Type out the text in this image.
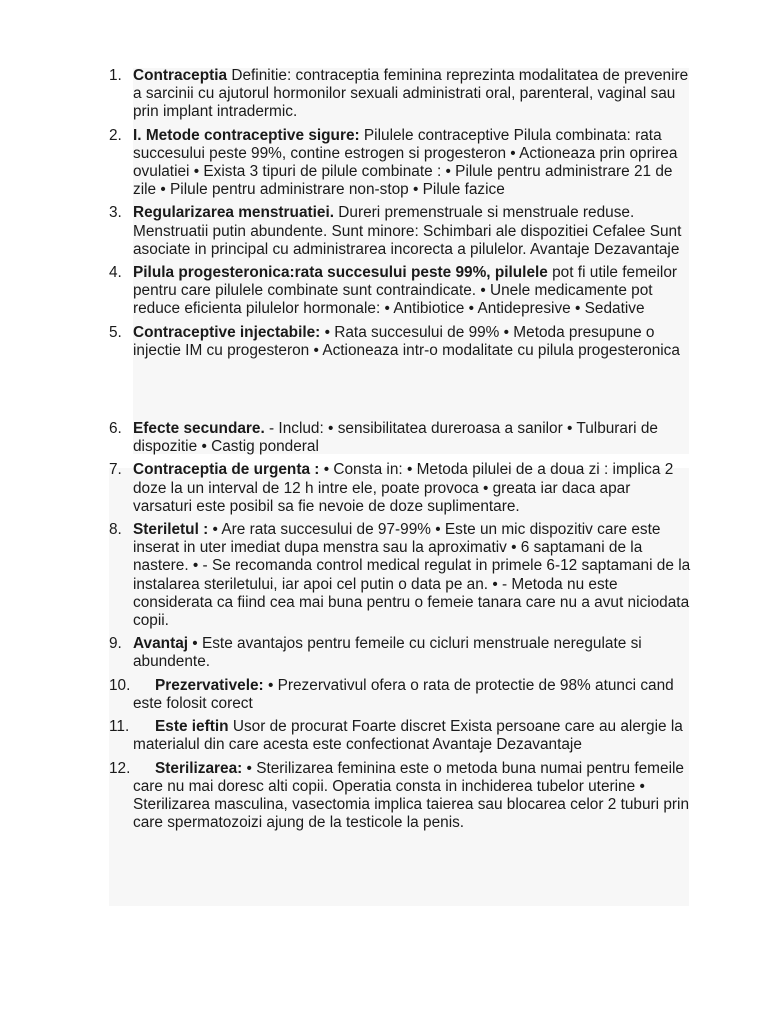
1. Contraceptia Definitie: contraceptia feminina reprezinta modalitatea de prevenire a sarcinii cu ajutorul hormonilor sexuali administrati oral, parenteral, vaginal sau prin implant intradermic.
2. I. Metode contraceptive sigure: Pilulele contraceptive Pilula combinata: rata succesului peste 99%, contine estrogen si progesteron • Actioneaza prin oprirea ovulatiei • Exista 3 tipuri de pilule combinate : • Pilule pentru administrare 21 de zile • Pilule pentru administrare non-stop • Pilule fazice
3. Regularizarea menstruatiei. Dureri premenstruale si menstruale reduse. Menstruatii putin abundente. Sunt minore: Schimbari ale dispozitiei Cefalee Sunt asociate in principal cu administrarea incorecta a pilulelor. Avantaje Dezavantaje
4. Pilula progesteronica:rata succesului peste 99%, pilulele pot fi utile femeilor pentru care pilulele combinate sunt contraindicate. • Unele medicamente pot reduce eficienta pilulelor hormonale: • Antibiotice • Antidepresive • Sedative
5. Contraceptive injectabile: • Rata succesului de 99% • Metoda presupune o injectie IM cu progesteron • Actioneaza intr-o modalitate cu pilula progesteronica
6. Efecte secundare. - Includ: • sensibilitatea dureroasa a sanilor • Tulburari de dispozitie • Castig ponderal
7. Contraceptia de urgenta : • Consta in: • Metoda pilulei de a doua zi : implica 2 doze la un interval de 12 h intre ele, poate provoca • greata iar daca apar varsaturi este posibil sa fie nevoie de doze suplimentare.
8. Steriletul : • Are rata succesului de 97-99% • Este un mic dispozitiv care este inserat in uter imediat dupa menstra sau la aproximativ • 6 saptamani de la nastere. • - Se recomanda control medical regulat in primele 6-12 saptamani de la instalarea steriletului, iar apoi cel putin o data pe an. • - Metoda nu este considerata ca fiind cea mai buna pentru o femeie tanara care nu a avut niciodata copii.
9. Avantaj • Este avantajos pentru femeile cu cicluri menstruale neregulate si abundente.
10. Prezervativele: • Prezervativul ofera o rata de protectie de 98% atunci cand este folosit corect
11. Este ieftin Usor de procurat Foarte discret Exista persoane care au alergie la materialul din care acesta este confectionat Avantaje Dezavantaje
12. Sterilizarea: • Sterilizarea feminina este o metoda buna numai pentru femeile care nu mai doresc alti copii. Operatia consta in inchiderea tubelor uterine • Sterilizarea masculina, vasectomia implica taierea sau blocarea celor 2 tuburi prin care spermatozoizi ajung de la testicole la penis.
